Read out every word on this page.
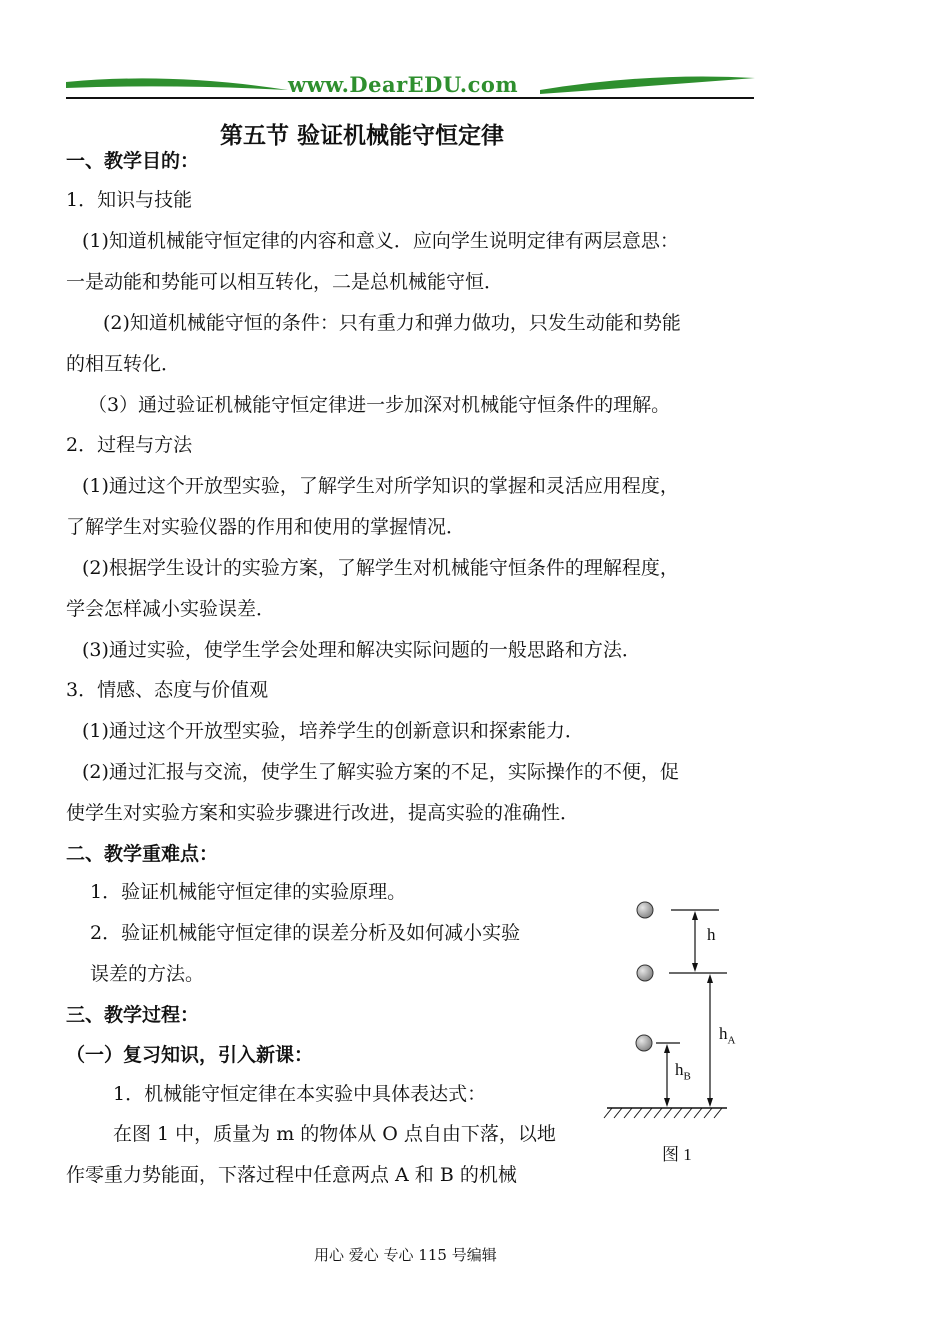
www.DearEDU.com
第五节 验证机械能守恒定律
一、教学目的：
1．知识与技能
(1)知道机械能守恒定律的内容和意义．应向学生说明定律有两层意思：
一是动能和势能可以相互转化，二是总机械能守恒．
(2)知道机械能守恒的条件：只有重力和弹力做功，只发生动能和势能
的相互转化．
（3）通过验证机械能守恒定律进一步加深对机械能守恒条件的理解。
2．过程与方法
(1)通过这个开放型实验，了解学生对所学知识的掌握和灵活应用程度，
了解学生对实验仪器的作用和使用的掌握情况．
(2)根据学生设计的实验方案，了解学生对机械能守恒条件的理解程度，
学会怎样减小实验误差．
(3)通过实验，使学生学会处理和解决实际问题的一般思路和方法．
3．情感、态度与价值观
(1)通过这个开放型实验，培养学生的创新意识和探索能力．
(2)通过汇报与交流，使学生了解实验方案的不足，实际操作的不便，促
使学生对实验方案和实验步骤进行改进，提高实验的准确性．
二、教学重难点：
1．验证机械能守恒定律的实验原理。
2．验证机械能守恒定律的误差分析及如何减小实验
误差的方法。
三、教学过程：
（一）复习知识，引入新课：
1．机械能守恒定律在本实验中具体表达式：
在图 1 中，质量为 m 的物体从 O 点自由下落，以地
作零重力势能面，下落过程中任意两点 A 和 B 的机械
h
$h_A$
$h_B$
图 1
用心 爱心 专心 115 号编辑
